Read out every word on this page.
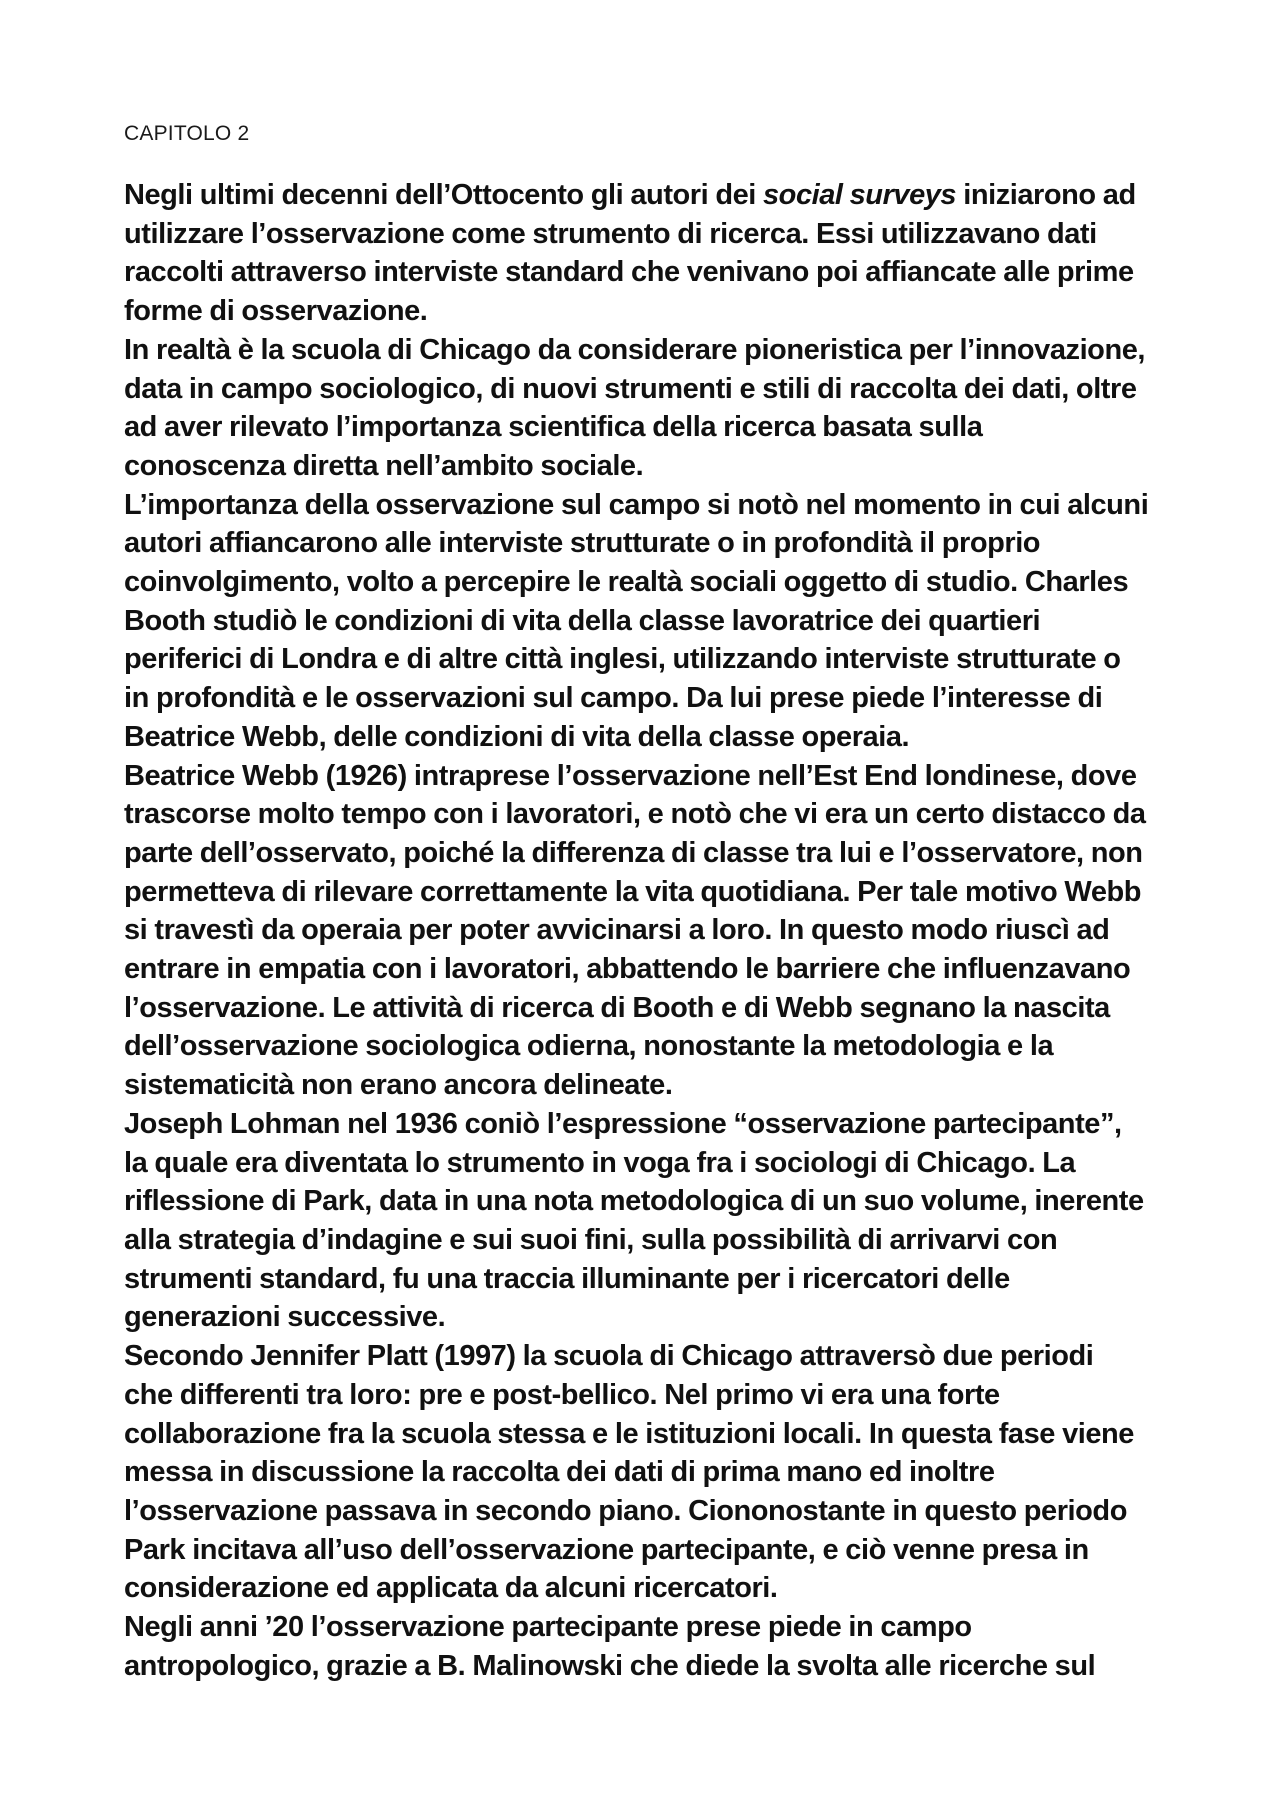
CAPITOLO 2

Negli ultimi decenni dell’Ottocento gli autori dei social surveys iniziarono ad
utilizzare l’osservazione come strumento di ricerca. Essi utilizzavano dati
raccolti attraverso interviste standard che venivano poi affiancate alle prime
forme di osservazione.

In realtà è la scuola di Chicago da considerare pioneristica per l’innovazione,
data in campo sociologico, di nuovi strumenti e stili di raccolta dei dati, oltre
ad aver rilevato l’importanza scientifica della ricerca basata sulla
conoscenza diretta nell’ambito sociale.

L’importanza della osservazione sul campo si notò nel momento in cui alcuni
autori affiancarono alle interviste strutturate o in profondità il proprio
coinvolgimento, volto a percepire le realtà sociali oggetto di studio. Charles
Booth studiò le condizioni di vita della classe lavoratrice dei quartieri
periferici di Londra e di altre città inglesi, utilizzando interviste strutturate o
in profondità e le osservazioni sul campo. Da lui prese piede l’interesse di
Beatrice Webb, delle condizioni di vita della classe operaia.

Beatrice Webb (1926) intraprese l’osservazione nell’Est End londinese, dove
trascorse molto tempo con i lavoratori, e notò che vi era un certo distacco da
parte dell’osservato, poiché la differenza di classe tra lui e l’osservatore, non
permetteva di rilevare correttamente la vita quotidiana. Per tale motivo Webb
si travestì da operaia per poter avvicinarsi a loro. In questo modo riuscì ad
entrare in empatia con i lavoratori, abbattendo le barriere che influenzavano
l’osservazione. Le attività di ricerca di Booth e di Webb segnano la nascita
dell’osservazione sociologica odierna, nonostante la metodologia e la
sistematicità non erano ancora delineate.

Joseph Lohman nel 1936 coniò l’espressione “osservazione partecipante”,
la quale era diventata lo strumento in voga fra i sociologi di Chicago. La
riflessione di Park, data in una nota metodologica di un suo volume, inerente
alla strategia d’indagine e sui suoi fini, sulla possibilità di arrivarvi con
strumenti standard, fu una traccia illuminante per i ricercatori delle
generazioni successive.

Secondo Jennifer Platt (1997) la scuola di Chicago attraversò due periodi
che differenti tra loro: pre e post-bellico. Nel primo vi era una forte
collaborazione fra la scuola stessa e le istituzioni locali. In questa fase viene
messa in discussione la raccolta dei dati di prima mano ed inoltre
l’osservazione passava in secondo piano. Ciononostante in questo periodo
Park incitava all’uso dell’osservazione partecipante, e ciò venne presa in
considerazione ed applicata da alcuni ricercatori.

Negli anni ’20 l’osservazione partecipante prese piede in campo
antropologico, grazie a B. Malinowski che diede la svolta alle ricerche sul
